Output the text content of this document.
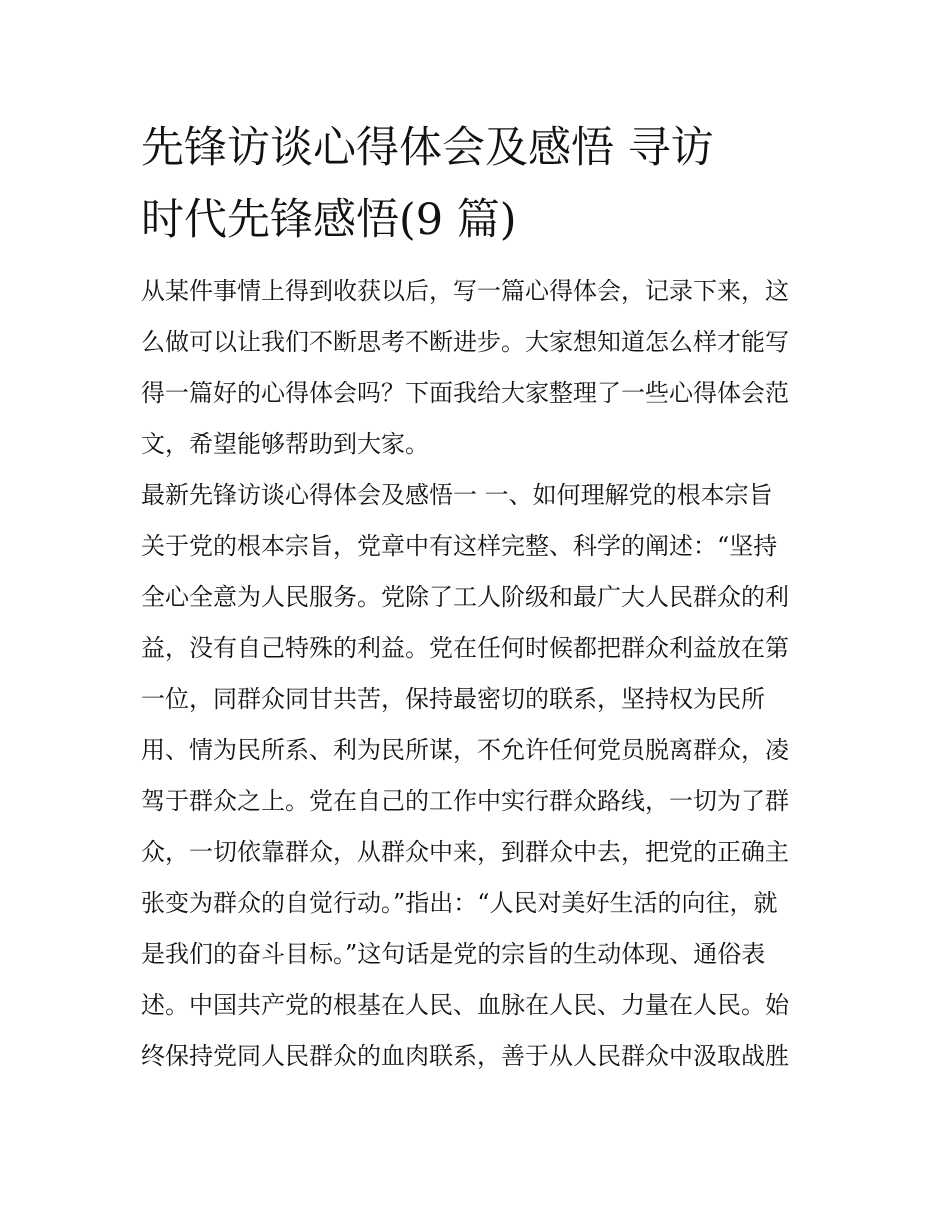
先锋访谈心得体会及感悟 寻访
时代先锋感悟(9 篇)
从某件事情上得到收获以后，写一篇心得体会，记录下来，这
么做可以让我们不断思考不断进步。大家想知道怎么样才能写
得一篇好的心得体会吗？下面我给大家整理了一些心得体会范
文，希望能够帮助到大家。
最新先锋访谈心得体会及感悟一 一、如何理解党的根本宗旨
关于党的根本宗旨，党章中有这样完整、科学的阐述：“坚持
全心全意为人民服务。党除了工人阶级和最广大人民群众的利
益，没有自己特殊的利益。党在任何时候都把群众利益放在第
一位，同群众同甘共苦，保持最密切的联系，坚持权为民所
用、情为民所系、利为民所谋，不允许任何党员脱离群众，凌
驾于群众之上。党在自己的工作中实行群众路线，一切为了群
众，一切依靠群众，从群众中来，到群众中去，把党的正确主
张变为群众的自觉行动。”指出：“人民对美好生活的向往，就
是我们的奋斗目标。”这句话是党的宗旨的生动体现、通俗表
述。中国共产党的根基在人民、血脉在人民、力量在人民。始
终保持党同人民群众的血肉联系，善于从人民群众中汲取战胜
